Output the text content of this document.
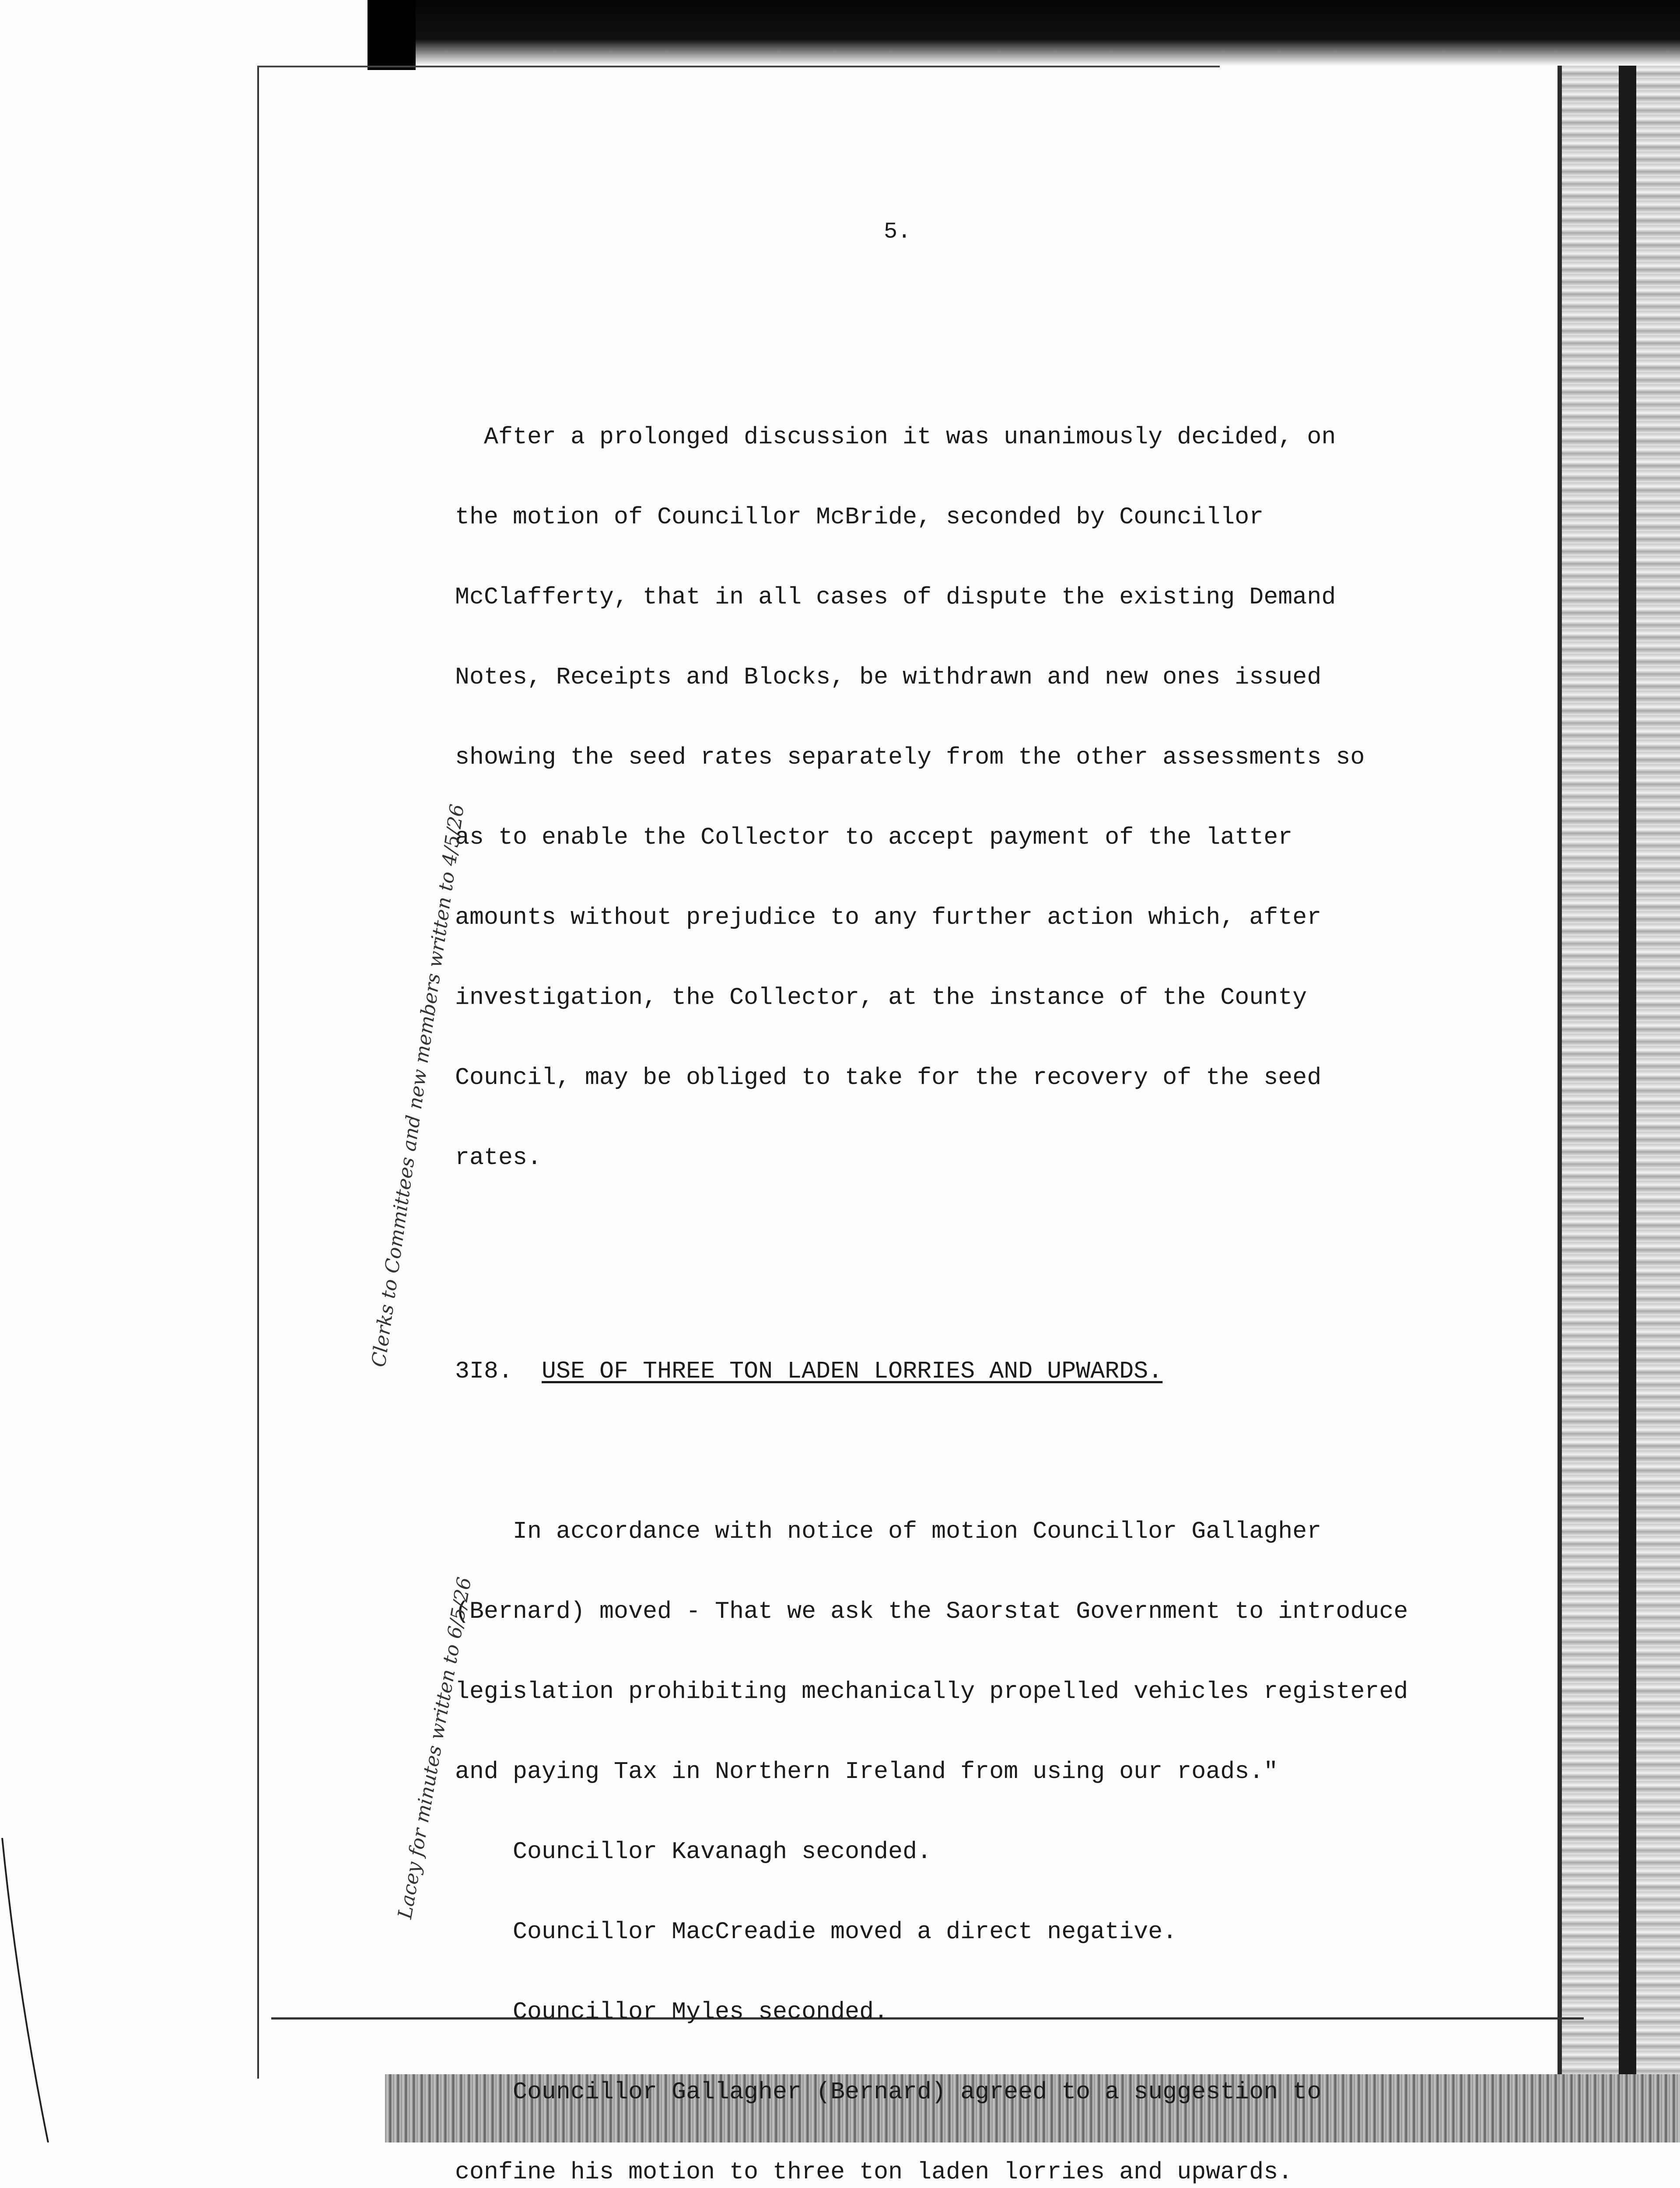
5.

After a prolonged discussion it was unanimously decided, on

the motion of Councillor McBride, seconded by Councillor

McClafferty, that in all cases of dispute the existing Demand

Notes, Receipts and Blocks, be withdrawn and new ones issued

showing the seed rates separately from the other assessments so

as to enable the Collector to accept payment of the latter

amounts without prejudice to any further action which, after

investigation, the Collector, at the instance of the County

Council, may be obliged to take for the recovery of the seed

rates.

3I8. USE OF THREE TON LADEN LORRIES AND UPWARDS.

In accordance with notice of motion Councillor Gallagher

(Bernard) moved - That we ask the Saorstat Government to introduce

legislation prohibiting mechanically propelled vehicles registered

and paying Tax in Northern Ireland from using our roads."

Councillor Kavanagh seconded.

Councillor MacCreadie moved a direct negative.

Councillor Myles seconded.

Councillor Gallagher (Bernard) agreed to a suggestion to

confine his motion to three ton laden lorries and upwards.

Clerks to Committees and new members written to 4/5/26
Lacey for minutes written to 6/5/26
